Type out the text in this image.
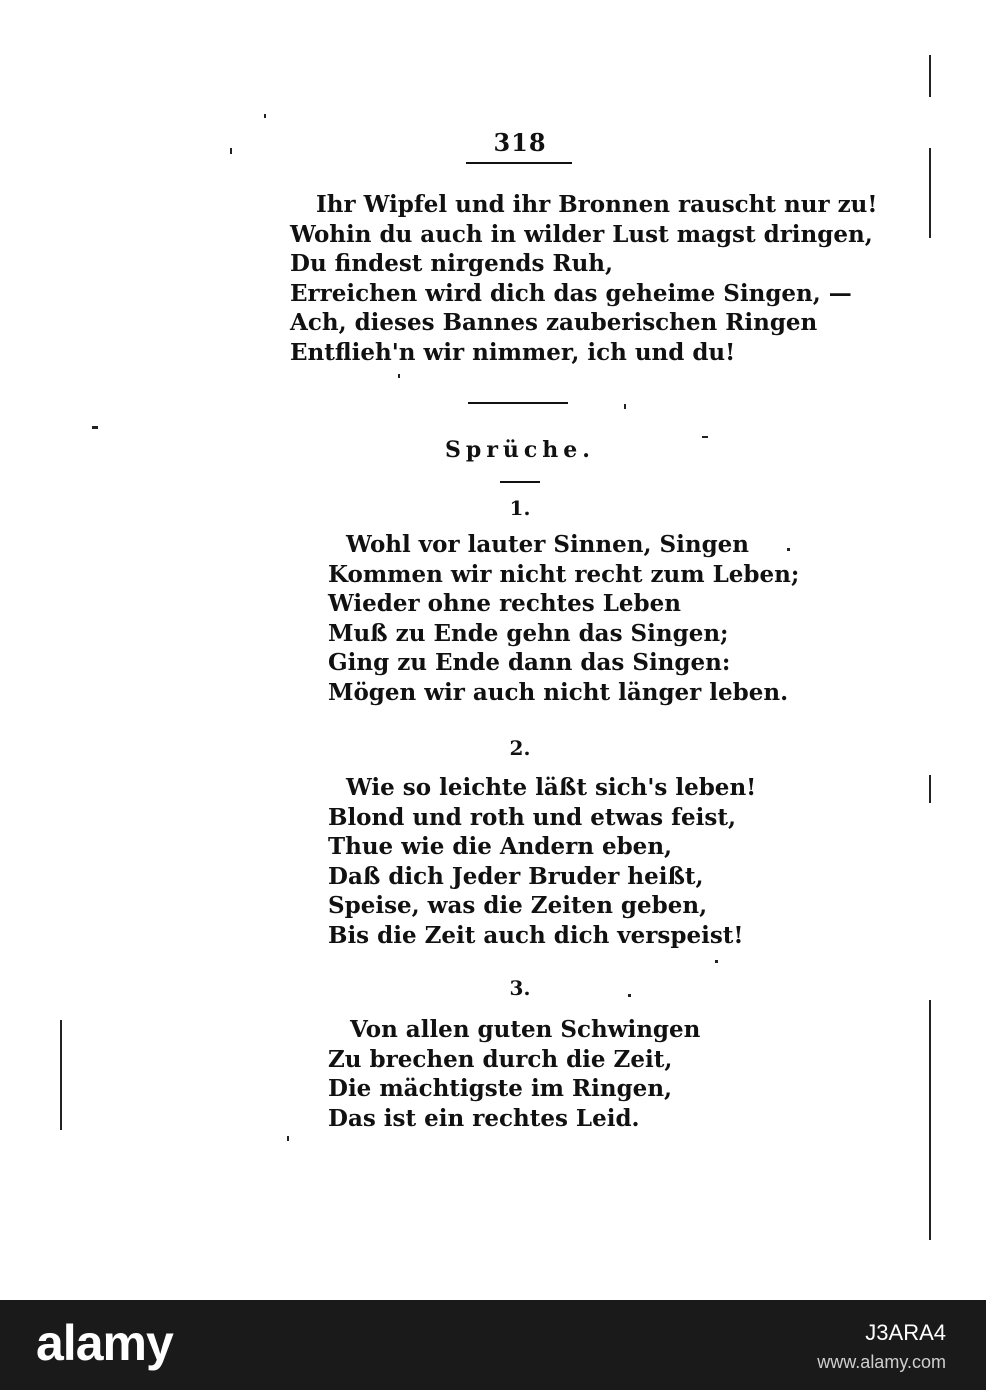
318
Ihr Wipfel und ihr Bronnen rauscht nur zu!
Wohin du auch in wilder Lust magst dringen,
Du findest nirgends Ruh,
Erreichen wird dich das geheime Singen, —
Ach, dieses Bannes zauberischen Ringen
Entflieh'n wir nimmer, ich und du!
Sprüche.
1.
Wohl vor lauter Sinnen, Singen
Kommen wir nicht recht zum Leben;
Wieder ohne rechtes Leben
Muß zu Ende gehn das Singen;
Ging zu Ende dann das Singen:
Mögen wir auch nicht länger leben.
2.
Wie so leichte läßt sich's leben!
Blond und roth und etwas feist,
Thue wie die Andern eben,
Daß dich Jeder Bruder heißt,
Speise, was die Zeiten geben,
Bis die Zeit auch dich verspeist!
3.
Von allen guten Schwingen
Zu brechen durch die Zeit,
Die mächtigste im Ringen,
Das ist ein rechtes Leid.
alamy	J3ARA4
www.alamy.com
